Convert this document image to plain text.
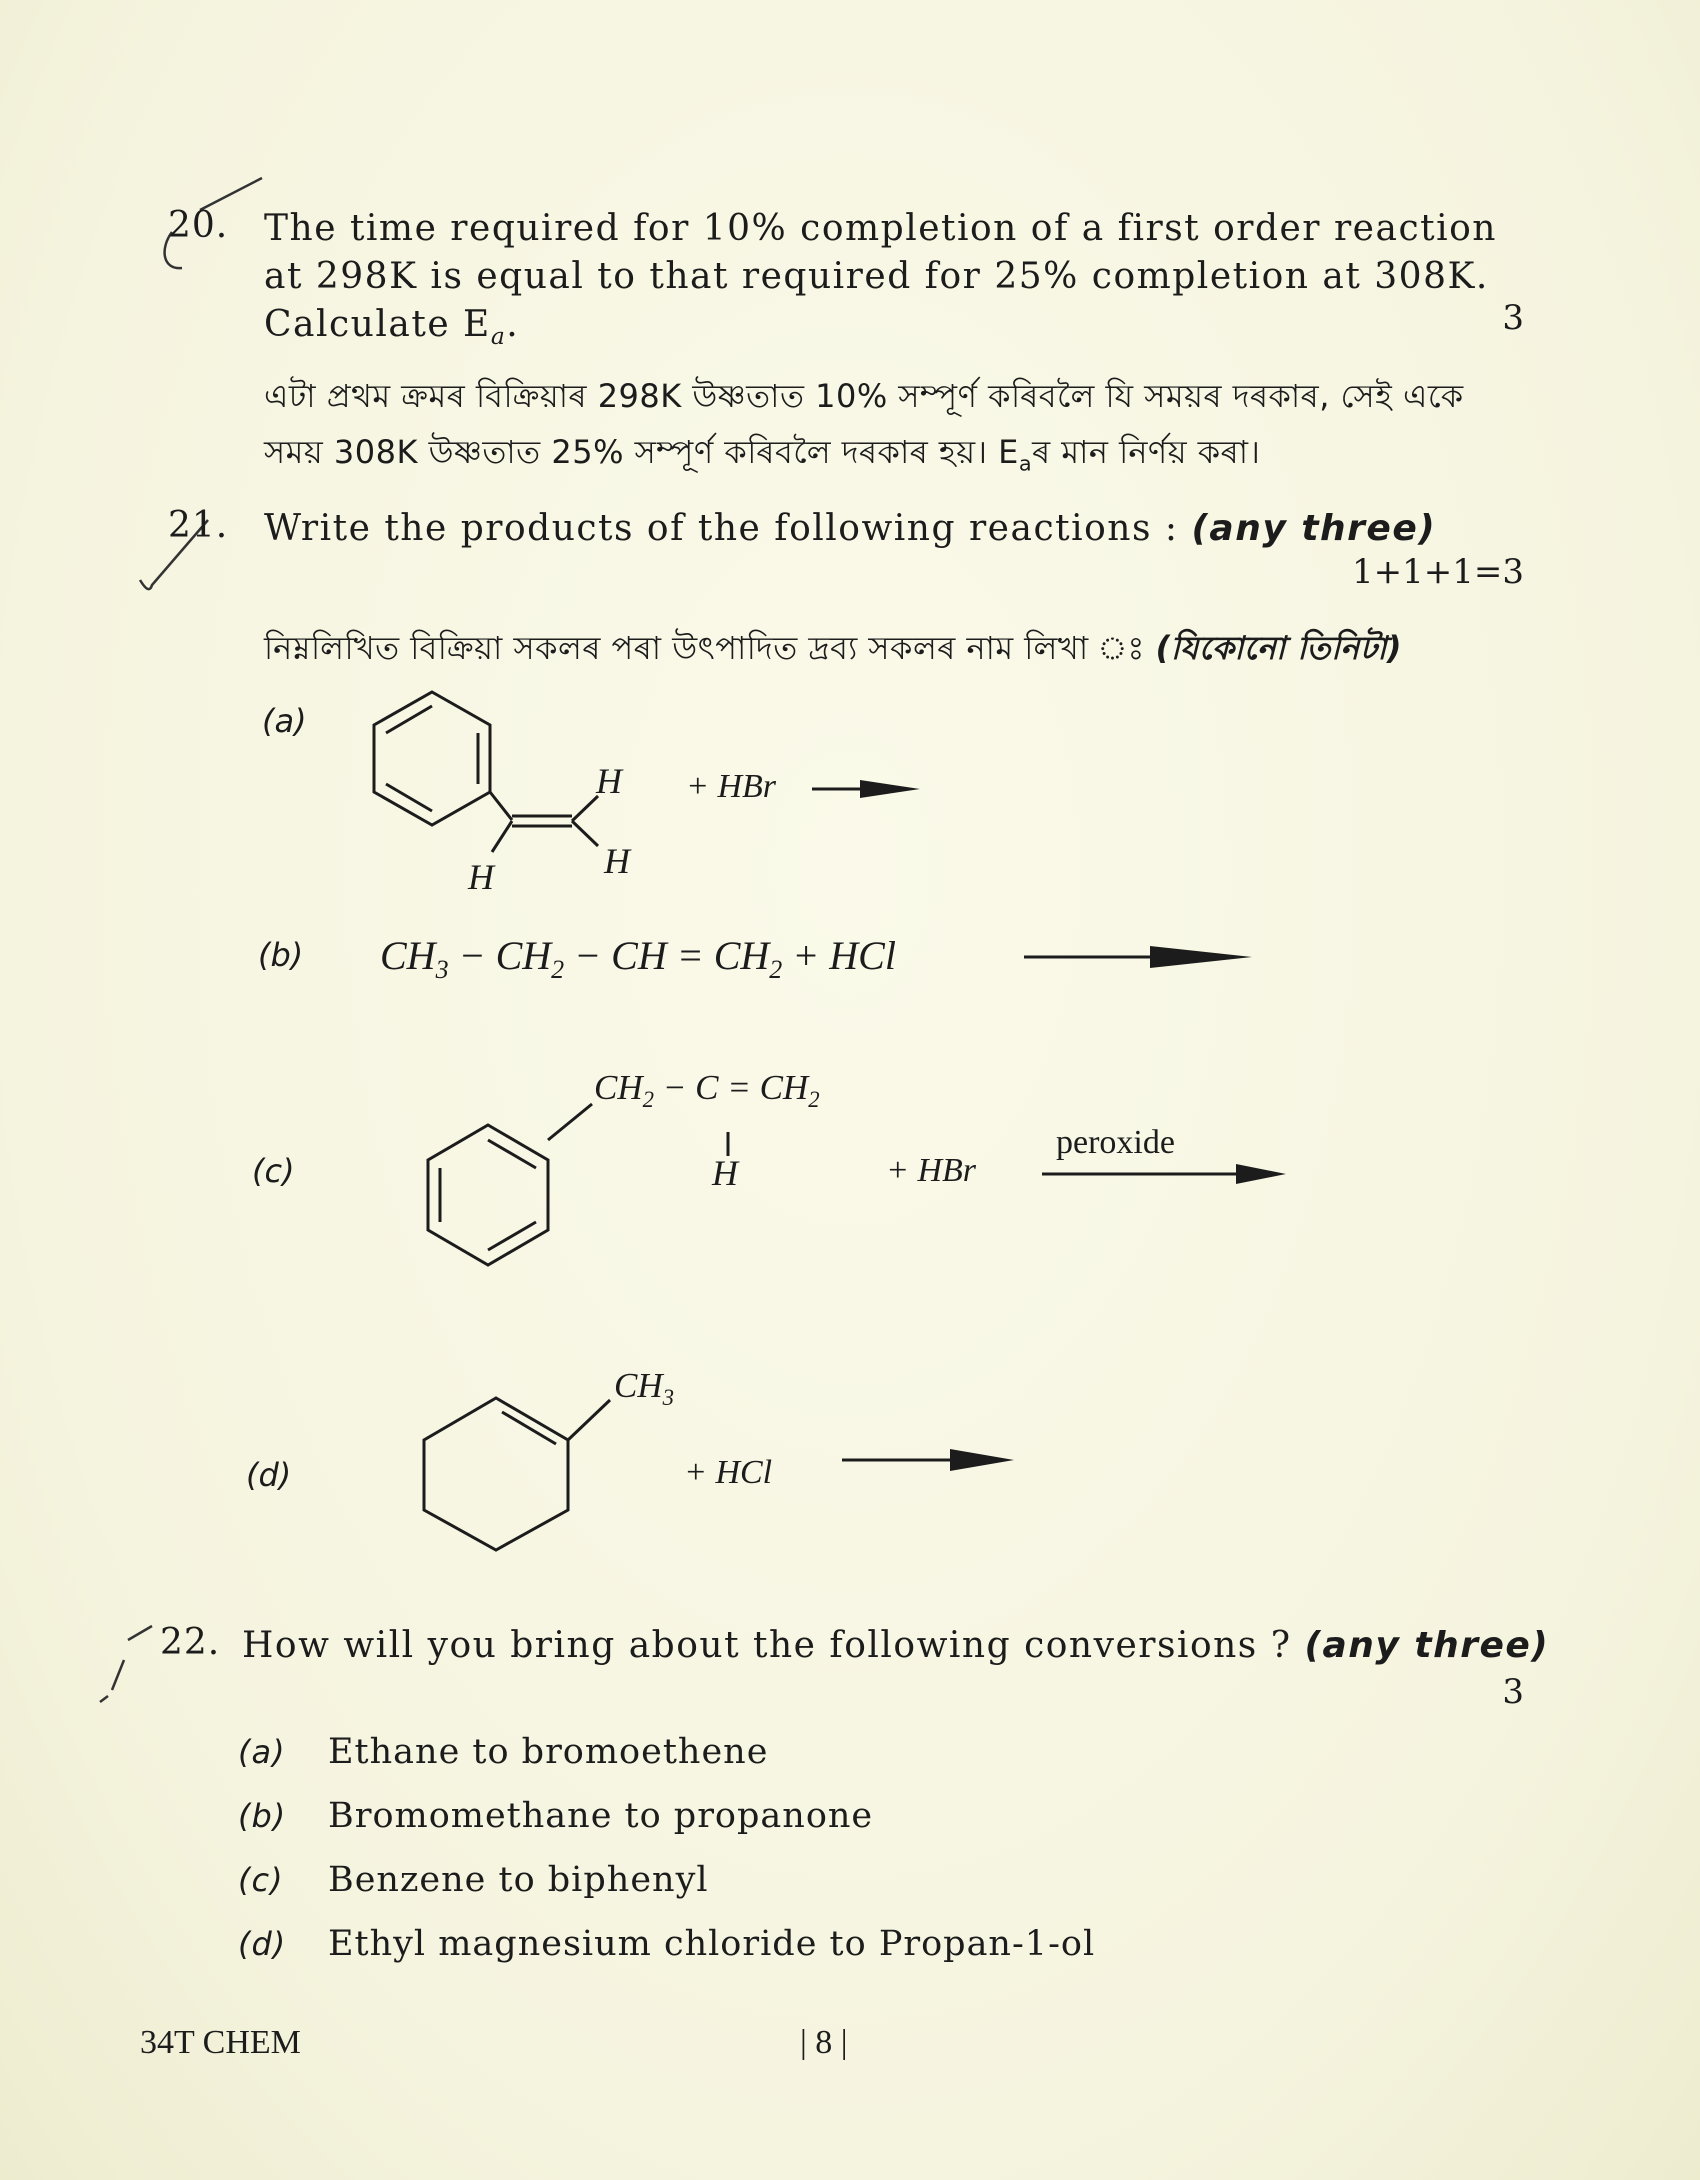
20. The time required for 10% completion of a first order reaction
at 298K is equal to that required for 25% completion at 308K.
Calculate $E_a$.	3
এটা প্ৰথম ক্ৰমৰ বিক্ৰিয়াৰ 298K উষ্ণতাত 10% সম্পূৰ্ণ কৰিবলৈ যি সময়ৰ দৰকাৰ, সেই একে
সময় 308K উষ্ণতাত 25% সম্পূৰ্ণ কৰিবলৈ দৰকাৰ হয়। $E_aৰ$ মান নিৰ্ণয় কৰা।
21. Write the products of the following reactions : (any three)
1+1+1=3
নিম্নলিখিত বিক্ৰিয়া সকলৰ পৰা উৎপাদিত দ্ৰব্য সকলৰ নাম লিখা ঃ (যিকোনো তিনিটা)
(a)
H
H
H
+ HBr
(b) $CH_3 - CH_2$ − CH = $CH_2$ + HCl
(c)
$CH_2 - C = CH_2$
H	+ HBr
peroxide
(d)
$CH_3$
+ HCl
22. How will you bring about the following conversions ? (any three)
3
(a) Ethane to bromoethene
(b) Bromomethane to propanone
(c) Benzene to biphenyl
(d) Ethyl magnesium chloride to Propan-1-ol
34T CHEM	| 8 |
